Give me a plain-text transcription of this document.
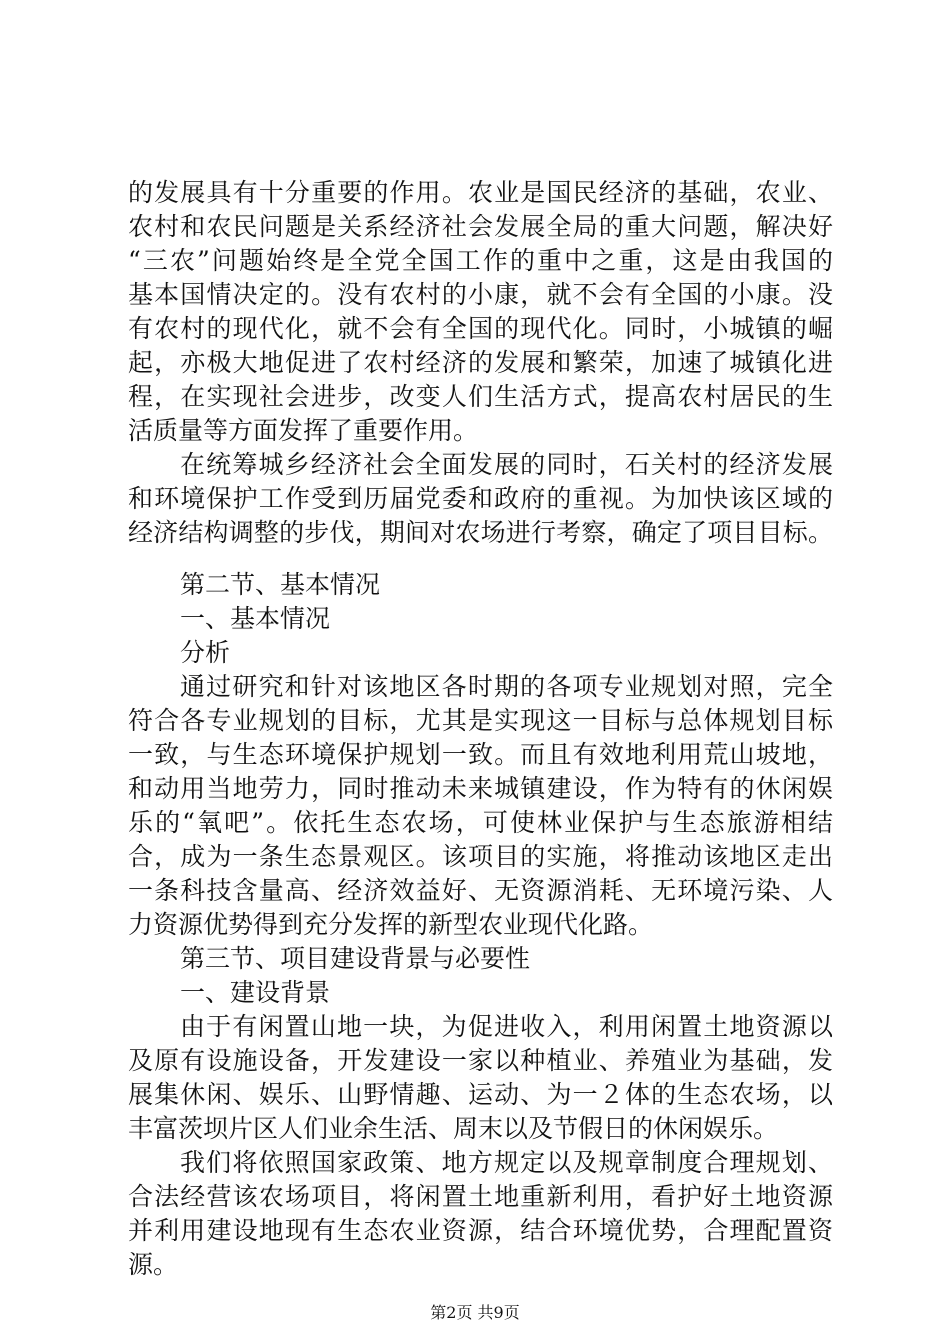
的发展具有十分重要的作用。农业是国民经济的基础，农业、
农村和农民问题是关系经济社会发展全局的重大问题，解决好
“三农”问题始终是全党全国工作的重中之重，这是由我国的
基本国情决定的。没有农村的小康，就不会有全国的小康。没
有农村的现代化，就不会有全国的现代化。同时，小城镇的崛
起，亦极大地促进了农村经济的发展和繁荣，加速了城镇化进
程，在实现社会进步，改变人们生活方式，提高农村居民的生
活质量等方面发挥了重要作用。
在统筹城乡经济社会全面发展的同时，石关村的经济发展
和环境保护工作受到历届党委和政府的重视。为加快该区域的
经济结构调整的步伐，期间对农场进行考察，确定了项目目标。
第二节、基本情况
一、基本情况
分析
通过研究和针对该地区各时期的各项专业规划对照，完全
符合各专业规划的目标，尤其是实现这一目标与总体规划目标
一致，与生态环境保护规划一致。而且有效地利用荒山坡地，
和动用当地劳力，同时推动未来城镇建设，作为特有的休闲娱
乐的“氧吧”。依托生态农场，可使林业保护与生态旅游相结
合，成为一条生态景观区。该项目的实施，将推动该地区走出
一条科技含量高、经济效益好、无资源消耗、无环境污染、人
力资源优势得到充分发挥的新型农业现代化路。
第三节、项目建设背景与必要性
一、建设背景
由于有闲置山地一块，为促进收入，利用闲置土地资源以
及原有设施设备，开发建设一家以种植业、养殖业为基础，发
展集休闲、娱乐、山野情趣、运动、为一２体的生态农场，以
丰富茨坝片区人们业余生活、周末以及节假日的休闲娱乐。
我们将依照国家政策、地方规定以及规章制度合理规划、
合法经营该农场项目，将闲置土地重新利用，看护好土地资源
并利用建设地现有生态农业资源，结合环境优势，合理配置资
源。
第2页 共9页
